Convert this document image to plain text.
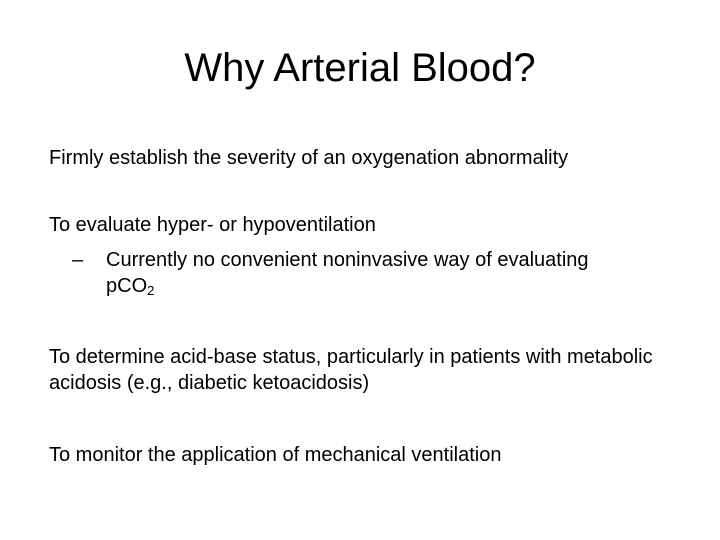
Why Arterial Blood?

Firmly establish the severity of an oxygenation abnormality

To evaluate hyper- or hypoventilation

–	Currently no convenient noninvasive way of evaluating pCO$_2$

To determine acid-base status, particularly in patients with metabolic acidosis (e.g., diabetic ketoacidosis)

To monitor the application of mechanical ventilation
